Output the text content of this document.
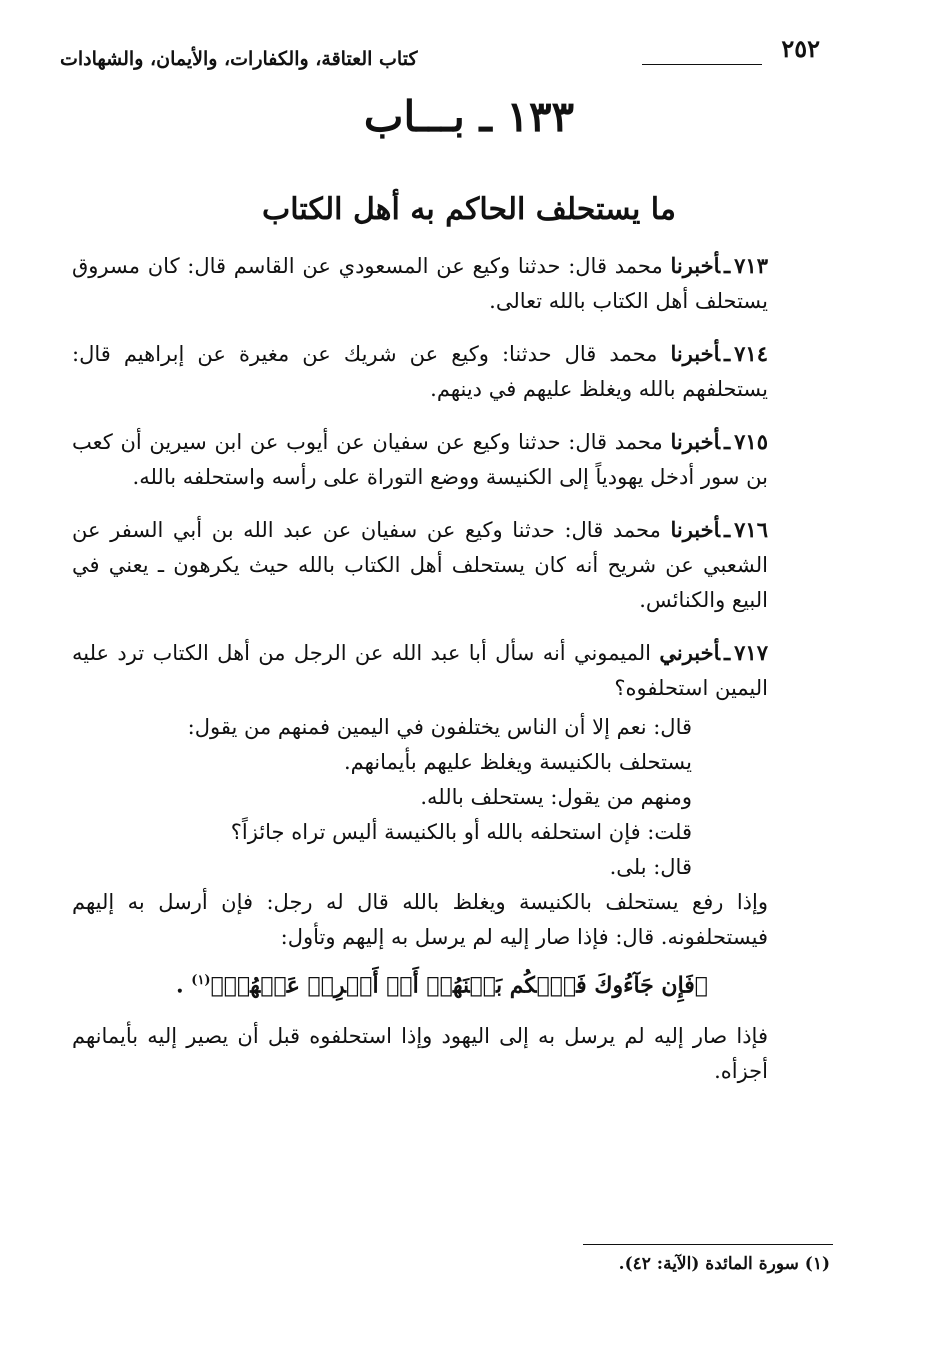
٢٥٢
كتاب العتاقة، والكفارات، والأيمان، والشهادات
١٣٣ ـ بـــاب
ما يستحلف الحاكم به أهل الكتاب

٧١٣ـأخبرنا محمد قال: حدثنا وكيع عن المسعودي عن القاسم قال: كان مسروق يستحلف أهل الكتاب بالله تعالى.

٧١٤ـأخبرنا محمد قال حدثنا: وكيع عن شريك عن مغيرة عن إبراهيم قال: يستحلفهم بالله ويغلظ عليهم في دينهم.

٧١٥ـأخبرنا محمد قال: حدثنا وكيع عن سفيان عن أيوب عن ابن سيرين أن كعب بن سور أدخل يهودياً إلى الكنيسة ووضع التوراة على رأسه واستحلفه بالله.

٧١٦ـأخبرنا محمد قال: حدثنا وكيع عن سفيان عن عبد الله بن أبي السفر عن الشعبي عن شريح أنه كان يستحلف أهل الكتاب بالله حيث يكرهون ـ يعني في البيع والكنائس.

٧١٧ـأخبرني الميموني أنه سأل أبا عبد الله عن الرجل من أهل الكتاب ترد عليه اليمين استحلفوه؟

قال: نعم إلا أن الناس يختلفون في اليمين فمنهم من يقول:
يستحلف بالكنيسة ويغلظ عليهم بأيمانهم.
ومنهم من يقول: يستحلف بالله.
قلت: فإن استحلفه بالله أو بالكنيسة أليس تراه جائزاً؟
قال: بلى.

وإذا رفع يستحلف بالكنيسة ويغلظ بالله قال له رجل: فإن أرسل به إليهم فيستحلفونه. قال: فإذا صار إليه لم يرسل به إليهم وتأول:

﴿فَإِن جَآءُوكَ فَٱحۡكُم بَيۡنَهُمۡ أَوۡ أَعۡرِضۡ عَنۡهُمۡ﴾$^{(١)}$ .

فإذا صار إليه لم يرسل به إلى اليهود وإذا استحلفوه قبل أن يصير إليه بأيمانهم أجزأه.

(١) سورة المائدة (الآية: ٤٢).
